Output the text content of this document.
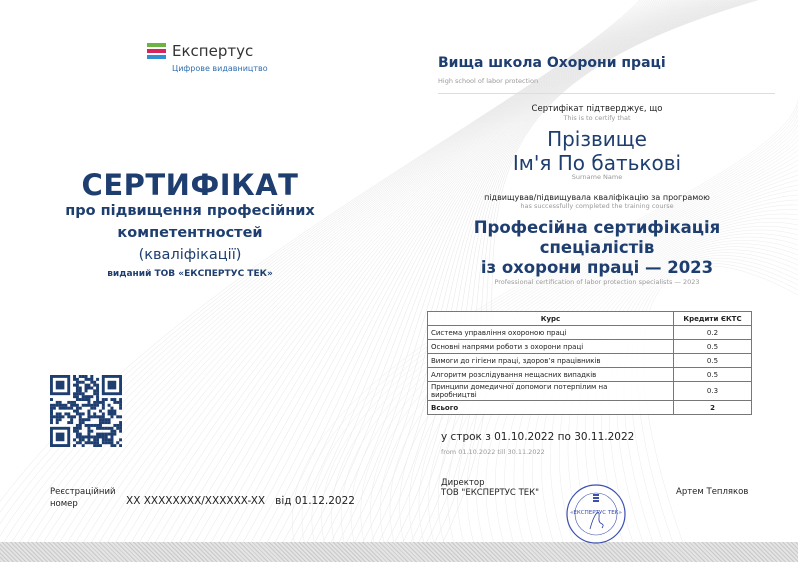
Експертус
Цифрове видавництво
СЕРТИФІКАТ
про підвищення професійних
компетентностей
(кваліфікації)
виданий ТОВ «ЕКСПЕРТУС ТЕК»
Реєстраційний
номер	XX XXXXXXXX/XXXXXX-XX від 01.12.2022
Вища школа Охорони праці
High school of labor protection
Сертифікат підтверджує, що
This is to certify that
Прізвище
Ім'я По батькові
Surname Name
підвищував/підвищувала кваліфікацію за програмою
has successfully completed the training course
Професійна сертифікація спеціалістів
із охорони праці — 2023
Professional certification of labor protection specialists — 2023
Курс	Кредити ЄКТС
Система управління охороною праці	0.2
Основні напрями роботи з охорони праці	0.5
Вимоги до гігієни праці, здоров’я працівників	0.5
Алгоритм розслідування нещасних випадків	0.5
Принципи домедичної допомоги потерпілим на виробництві	0.3
Всього	2
у строк з 01.10.2022 по 30.11.2022
from 01.10.2022 till 30.11.2022
Директор
ТОВ "ЕКСПЕРТУС ТЕК"	Артем Тепляков
«ЕКСПЕРТУС ТЕК»
